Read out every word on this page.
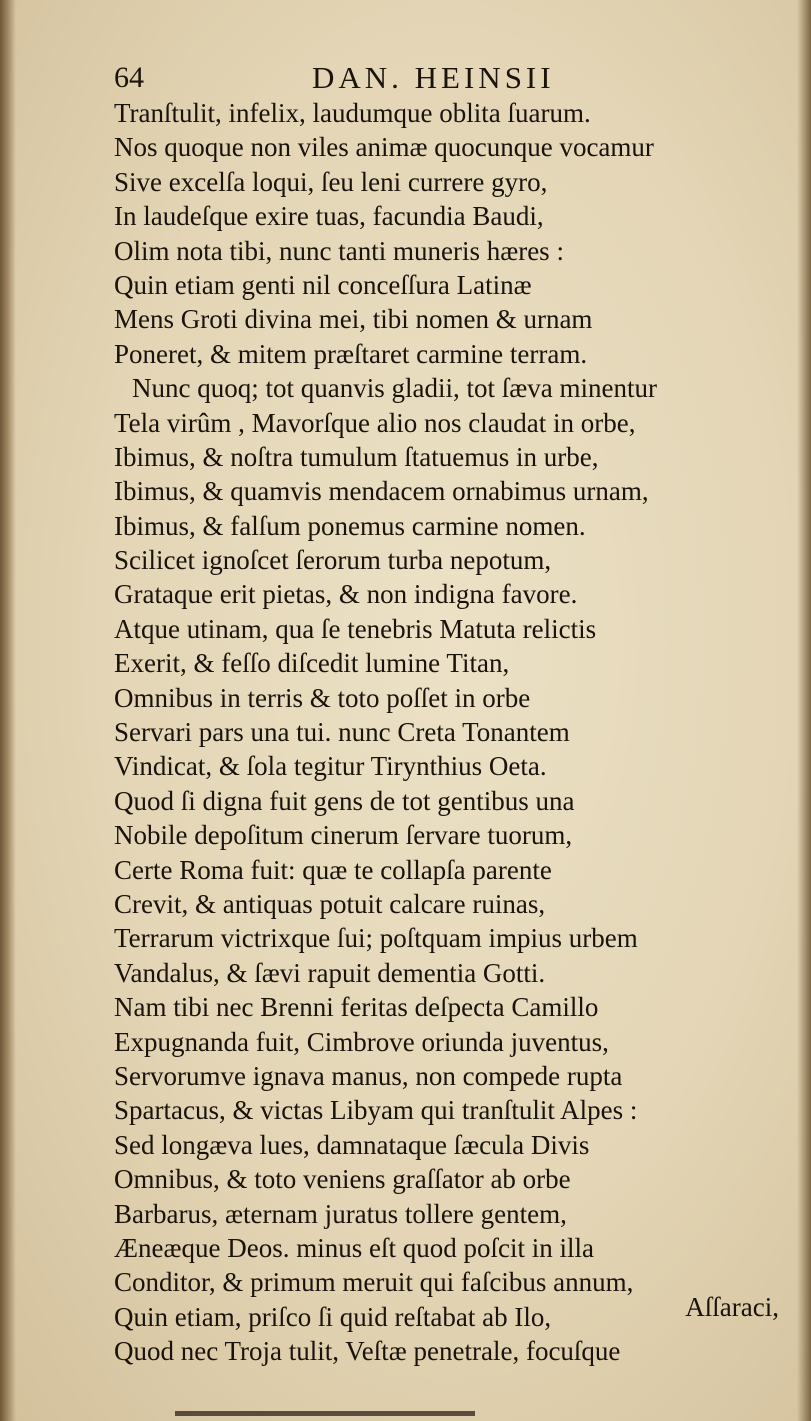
64	DAN. HEINSII
Tranſtulit, infelix, laudumque oblita ſuarum.
Nos quoque non viles animæ quocunque vocamur
Sive excelſa loqui, ſeu leni currere gyro,
In laudeſque exire tuas, facundia Baudi,
Olim nota tibi, nunc tanti muneris hæres :
Quin etiam genti nil conceſſura Latinæ
Mens Groti divina mei, tibi nomen & urnam
Poneret, & mitem præſtaret carmine terram.
Nunc quoq; tot quanvis gladii, tot ſæva minentur
Tela virûm , Mavorſque alio nos claudat in orbe,
Ibimus, & noſtra tumulum ſtatuemus in urbe,
Ibimus, & quamvis mendacem ornabimus urnam,
Ibimus, & falſum ponemus carmine nomen.
Scilicet ignoſcet ſerorum turba nepotum,
Grataque erit pietas, & non indigna favore.
Atque utinam, qua ſe tenebris Matuta relictis
Exerit, & feſſo diſcedit lumine Titan,
Omnibus in terris & toto poſſet in orbe
Servari pars una tui. nunc Creta Tonantem
Vindicat, & ſola tegitur Tirynthius Oeta.
Quod ſi digna fuit gens de tot gentibus una
Nobile depoſitum cinerum ſervare tuorum,
Certe Roma fuit: quæ te collapſa parente
Crevit, & antiquas potuit calcare ruinas,
Terrarum victrixque ſui; poſtquam impius urbem
Vandalus, & ſævi rapuit dementia Gotti.
Nam tibi nec Brenni feritas deſpecta Camillo
Expugnanda fuit, Cimbrove oriunda juventus,
Servorumve ignava manus, non compede rupta
Spartacus, & victas Libyam qui tranſtulit Alpes :
Sed longæva lues, damnataque ſæcula Divis
Omnibus, & toto veniens graſſator ab orbe
Barbarus, æternam juratus tollere gentem,
Æneæque Deos. minus eſt quod poſcit in illa
Conditor, & primum meruit qui faſcibus annum,
Quin etiam, priſco ſi quid reſtabat ab Ilo,
Quod nec Troja tulit, Veſtæ penetrale, focuſque
Aſſaraci,
